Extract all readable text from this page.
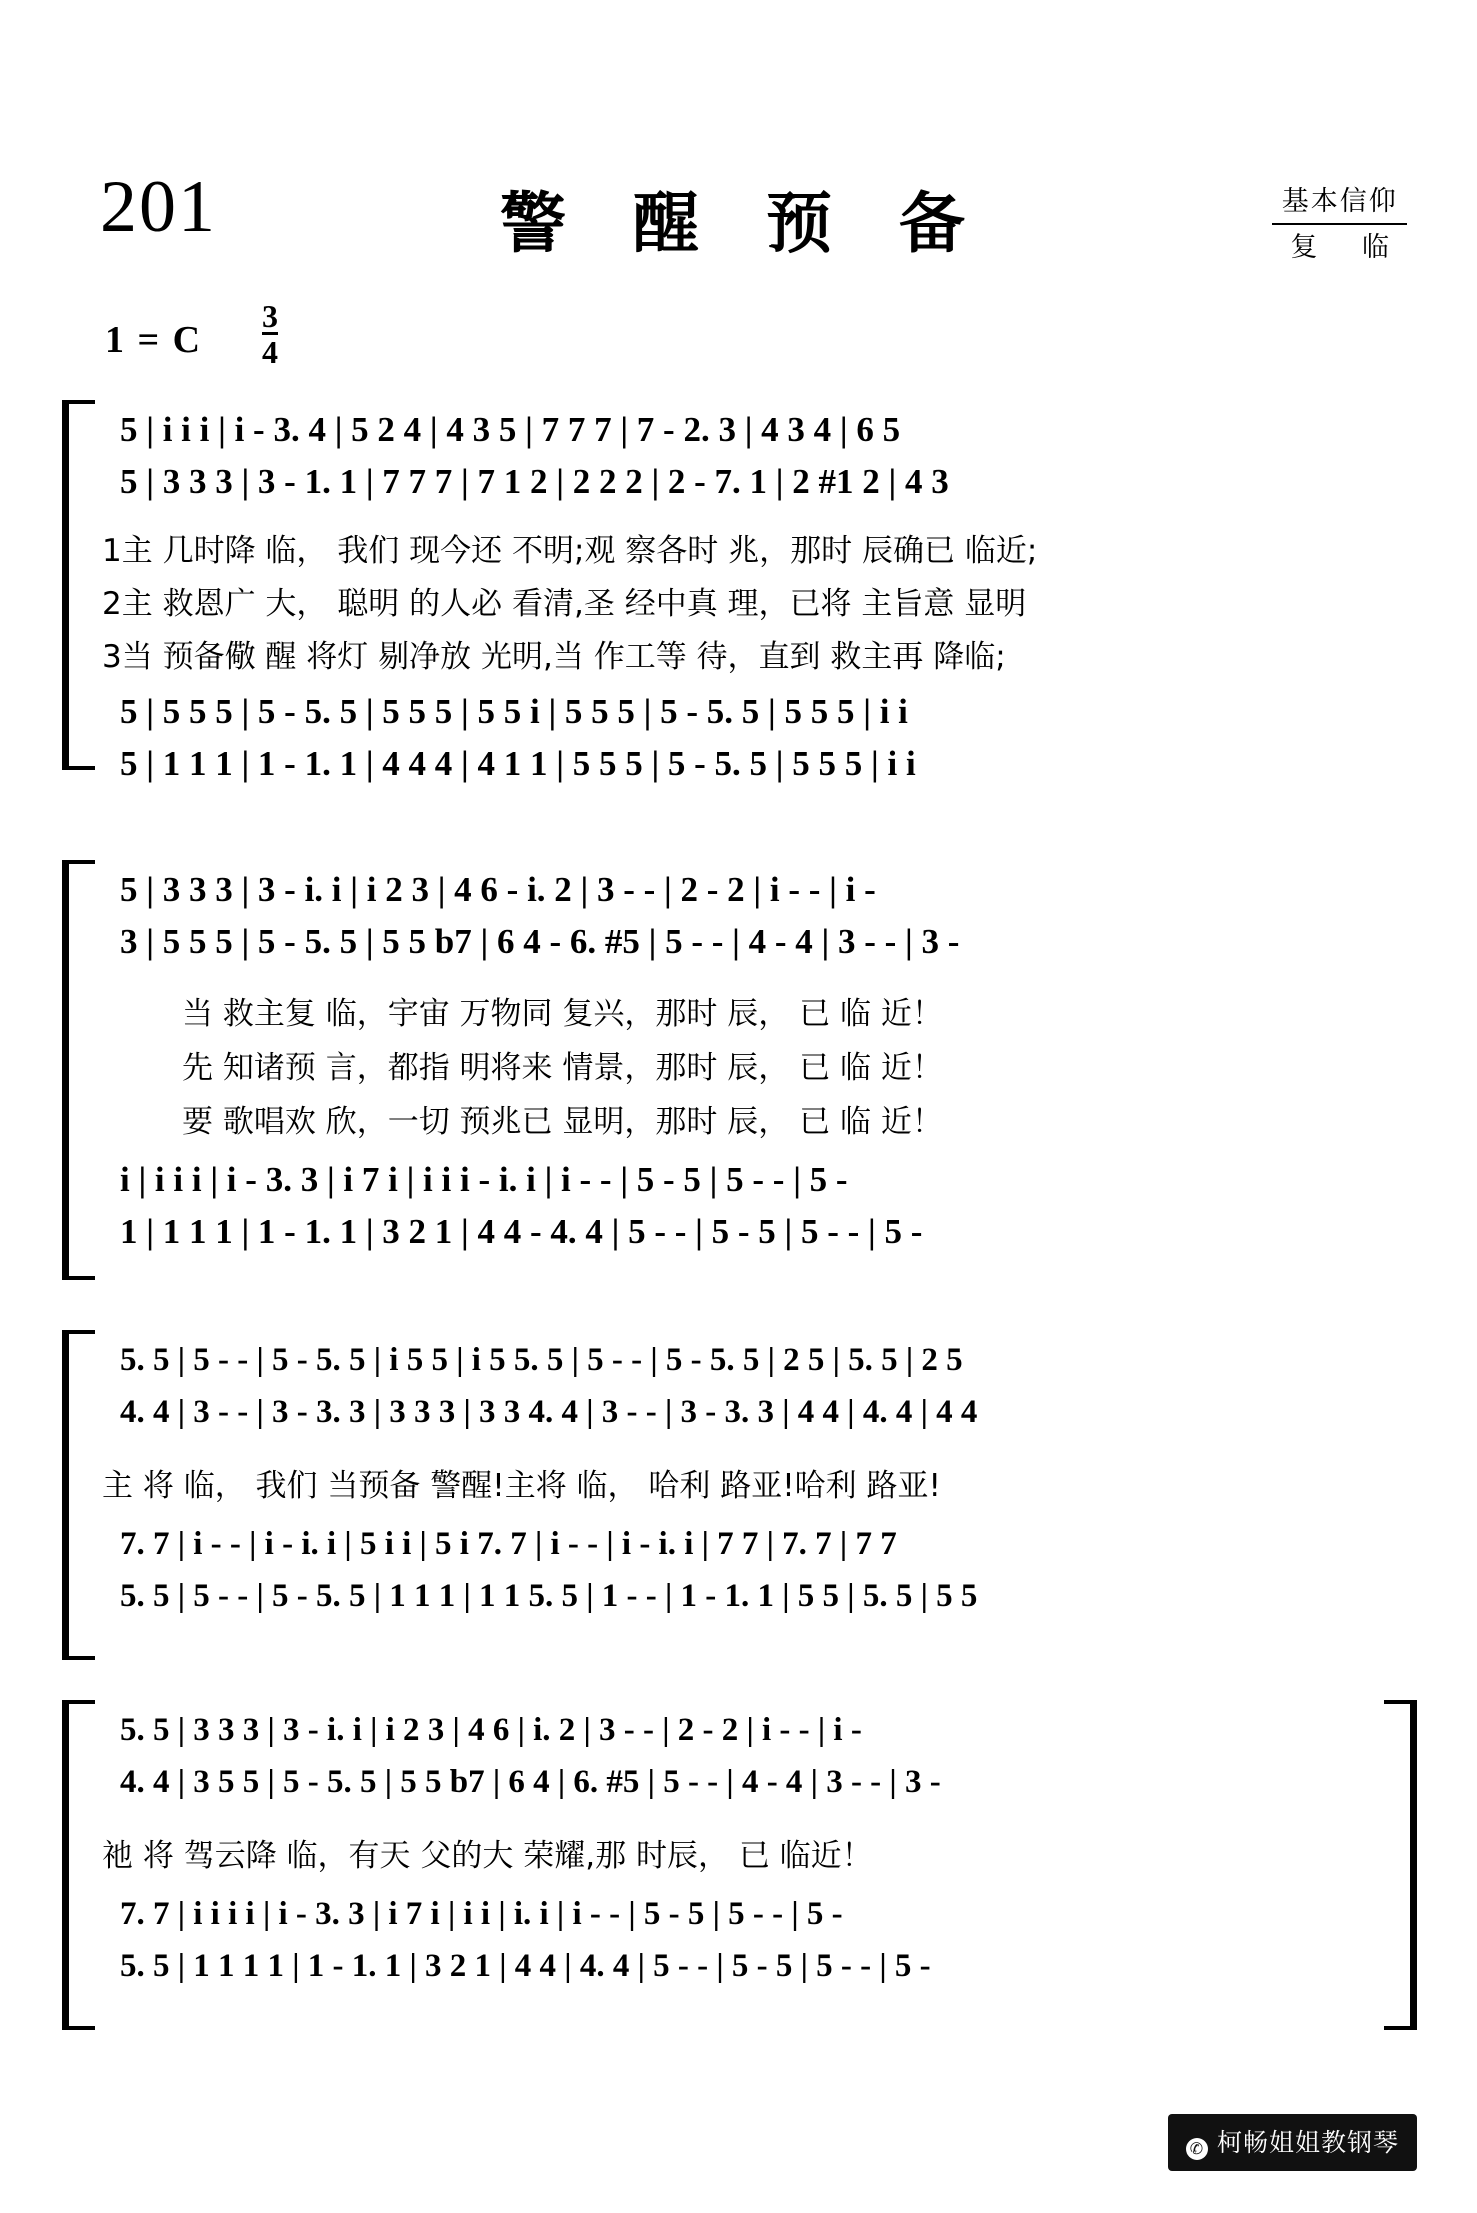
201	警 醒 预 备	基本信仰
复 临
1 = C $\frac{3}{4}$
5 | i i i | i - 3. 4 | 5 2 4 | 4 3 5 | 7 7 7 | 7 - 2. 3 | 4 3 4 | 6 5
5 | 3 3 3 | 3 - 1. 1 | 7 7 7 | 7 1 2 | 2 2 2 | 2 - 7. 1 | 2 #1 2 | 4 3
1主 几时降 临， 我们 现今还 不明;观 察各时 兆，那时 辰确已 临近;
2主 救恩广 大， 聪明 的人必 看清,圣 经中真 理，已将 主旨意 显明
3当 预备儆 醒 将灯 剔净放 光明,当 作工等 待，直到 救主再 降临;
5 | 5 5 5 | 5 - 5. 5 | 5 5 5 | 5 5 i | 5 5 5 | 5 - 5. 5 | 5 5 5 | i i
5 | 1 1 1 | 1 - 1. 1 | 4 4 4 | 4 1 1 | 5 5 5 | 5 - 5. 5 | 5 5 5 | i i
5 | 3 3 3 | 3 - i. i | i 2 3 | 4 6 - i. 2 | 3 - - | 2 - 2 | i - - | i -
3 | 5 5 5 | 5 - 5. 5 | 5 5 b7 | 6 4 - 6. #5 | 5 - - | 4 - 4 | 3 - - | 3 -
当 救主复 临，宇宙 万物同 复兴，那时 辰， 已 临 近！
先 知诸预 言，都指 明将来 情景，那时 辰， 已 临 近！
要 歌唱欢 欣，一切 预兆已 显明，那时 辰， 已 临 近！
i | i i i | i - 3. 3 | i 7 i | i i i - i. i | i - - | 5 - 5 | 5 - - | 5 -
1 | 1 1 1 | 1 - 1. 1 | 3 2 1 | 4 4 - 4. 4 | 5 - - | 5 - 5 | 5 - - | 5 -
5. 5 | 5 - - | 5 - 5. 5 | i 5 5 | i 5 5. 5 | 5 - - | 5 - 5. 5 | 2 5 | 5. 5 | 2 5
4. 4 | 3 - - | 3 - 3. 3 | 3 3 3 | 3 3 4. 4 | 3 - - | 3 - 3. 3 | 4 4 | 4. 4 | 4 4
主 将 临， 我们 当预备 警醒!主将 临， 哈利 路亚!哈利 路亚!
7. 7 | i - - | i - i. i | 5 i i | 5 i 7. 7 | i - - | i - i. i | 7 7 | 7. 7 | 7 7
5. 5 | 5 - - | 5 - 5. 5 | 1 1 1 | 1 1 5. 5 | 1 - - | 1 - 1. 1 | 5 5 | 5. 5 | 5 5
5. 5 | 3 3 3 | 3 - i. i | i 2 3 | 4 6 | i. 2 | 3 - - | 2 - 2 | i - - | i -
4. 4 | 3 5 5 | 5 - 5. 5 | 5 5 b7 | 6 4 | 6. #5 | 5 - - | 4 - 4 | 3 - - | 3 -
祂 将 驾云降 临，有天 父的大 荣耀,那 时辰， 已 临近！
7. 7 | i i i i | i - 3. 3 | i 7 i | i i | i. i | i - - | 5 - 5 | 5 - - | 5 -
5. 5 | 1 1 1 1 | 1 - 1. 1 | 3 2 1 | 4 4 | 4. 4 | 5 - - | 5 - 5 | 5 - - | 5 -
✆ 柯畅姐姐教钢琴
